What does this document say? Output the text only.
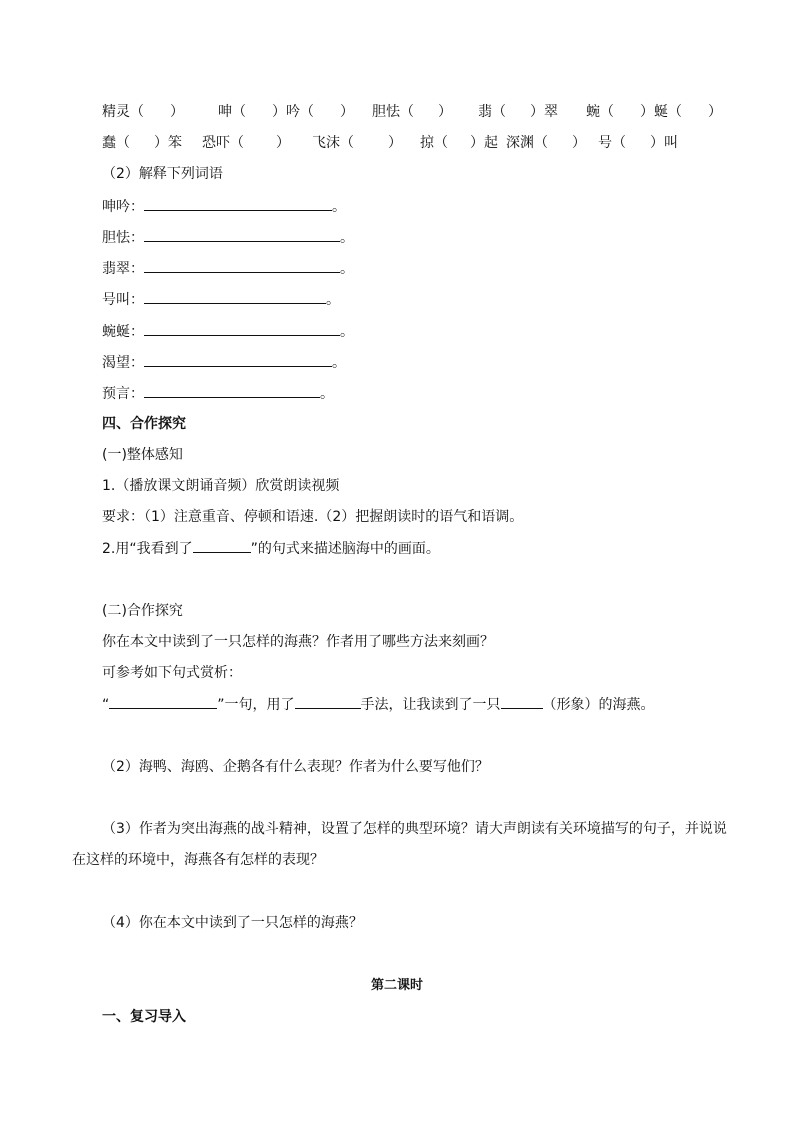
精灵（ ） 呻（ ）吟（ ） 胆怯（ ） 翡（ ）翠 蜿（ ）蜒（ ）
蠢（ ）笨 恐吓（ ） 飞沫（ ） 掠（ ）起 深渊（ ） 号（ ）叫
（2）解释下列词语
呻吟：	。
胆怯：	。
翡翠：	。
号叫：	。
蜿蜒：	。
渴望：	。
预言：	。
四、合作探究
(一)整体感知
1.（播放课文朗诵音频）欣赏朗读视频
要求：（1）注意重音、停顿和语速.（2）把握朗读时的语气和语调。
2.用“我看到了	”的句式来描述脑海中的画面。
(二)合作探究
你在本文中读到了一只怎样的海燕？作者用了哪些方法来刻画？
可参考如下句式赏析：
“	”一句，用了	手法，让我读到了一只	（形象）的海燕。
（2）海鸭、海鸥、企鹅各有什么表现？作者为什么要写他们？
（3）作者为突出海燕的战斗精神，设置了怎样的典型环境？请大声朗读有关环境描写的句子，并说说
在这样的环境中，海燕各有怎样的表现？
（4）你在本文中读到了一只怎样的海燕？
第二课时
一、复习导入
